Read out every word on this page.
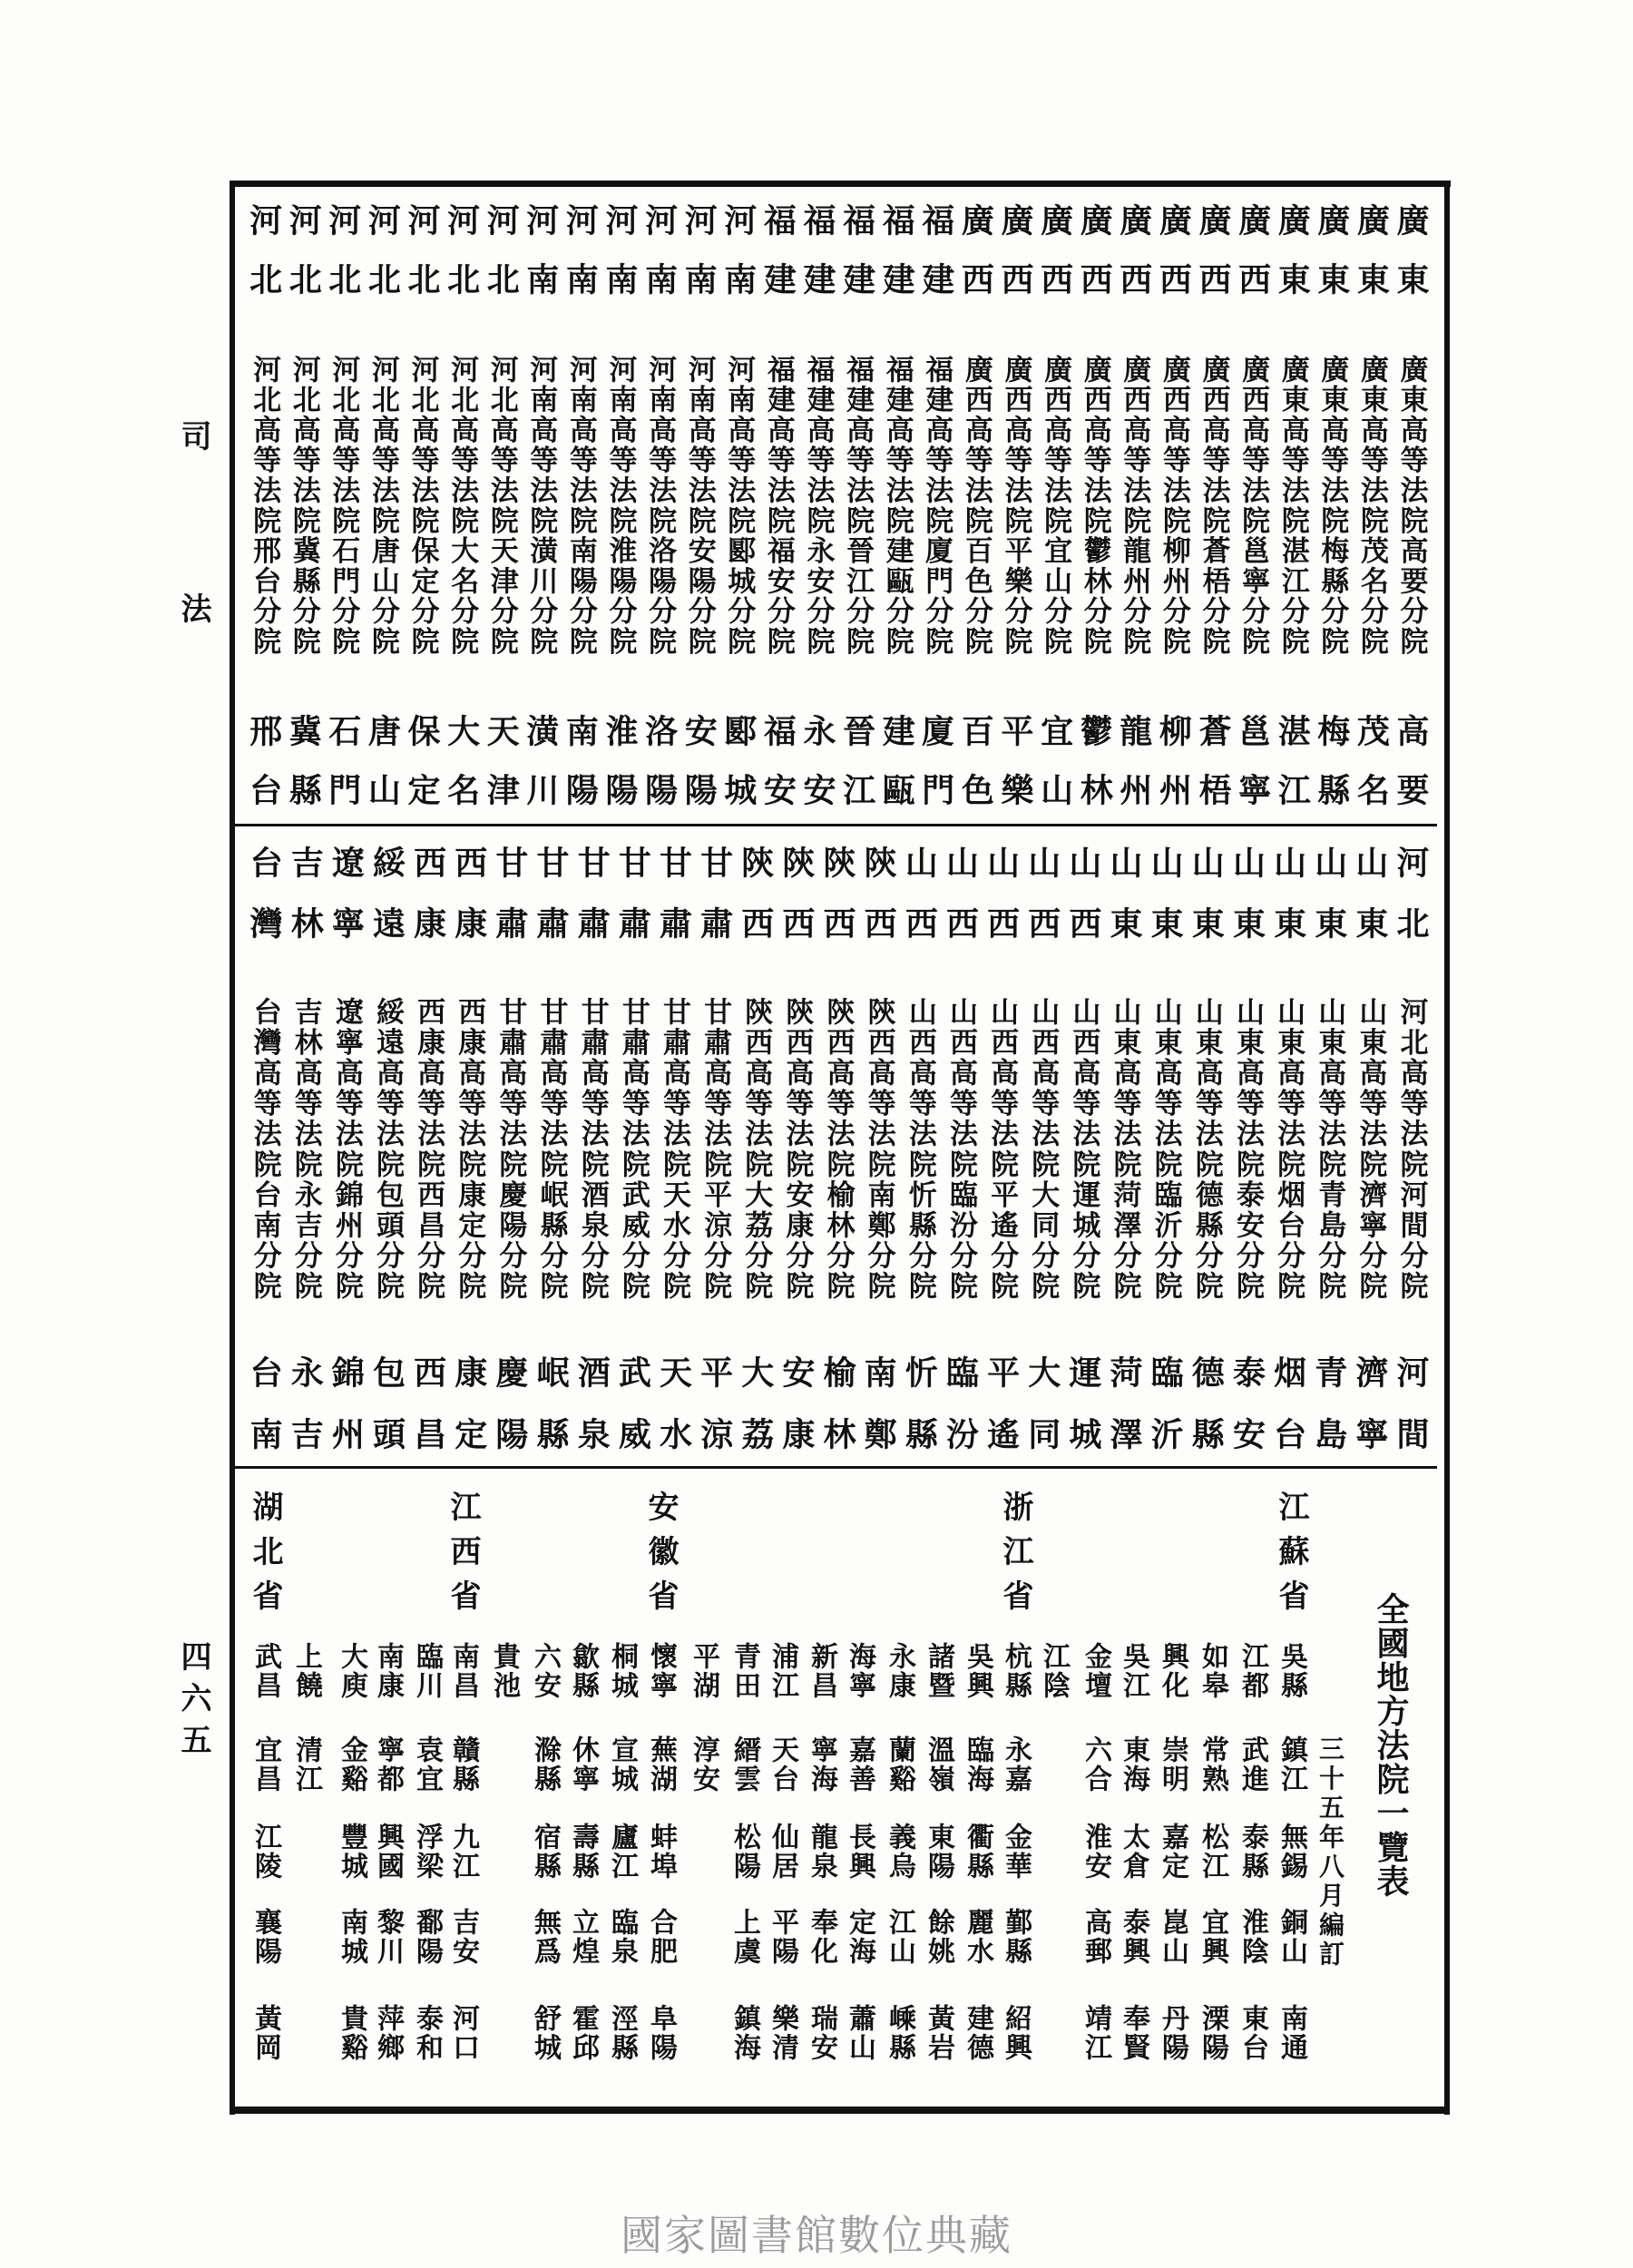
司
法
四六五
廣東
廣東高等法院高要分院
高要
廣東
廣東高等法院茂名分院
茂名
廣東
廣東高等法院梅縣分院
梅縣
廣東
廣東高等法院湛江分院
湛江
廣西
廣西高等法院邕寧分院
邕寧
廣西
廣西高等法院蒼梧分院
蒼梧
廣西
廣西高等法院柳州分院
柳州
廣西
廣西高等法院龍州分院
龍州
廣西
廣西高等法院鬱林分院
鬱林
廣西
廣西高等法院宜山分院
宜山
廣西
廣西高等法院平樂分院
平樂
廣西
廣西高等法院百色分院
百色
福建
福建高等法院廈門分院
廈門
福建
福建高等法院建甌分院
建甌
福建
福建高等法院晉江分院
晉江
福建
福建高等法院永安分院
永安
福建
福建高等法院福安分院
福安
河南
河南高等法院郾城分院
郾城
河南
河南高等法院安陽分院
安陽
河南
河南高等法院洛陽分院
洛陽
河南
河南高等法院淮陽分院
淮陽
河南
河南高等法院南陽分院
南陽
河南
河南高等法院潢川分院
潢川
河北
河北高等法院天津分院
天津
河北
河北高等法院大名分院
大名
河北
河北高等法院保定分院
保定
河北
河北高等法院唐山分院
唐山
河北
河北高等法院石門分院
石門
河北
河北高等法院冀縣分院
冀縣
河北
河北高等法院邢台分院
邢台
河北
河北高等法院河間分院
河間
山東
山東高等法院濟寧分院
濟寧
山東
山東高等法院青島分院
青島
山東
山東高等法院烟台分院
烟台
山東
山東高等法院泰安分院
泰安
山東
山東高等法院德縣分院
德縣
山東
山東高等法院臨沂分院
臨沂
山東
山東高等法院菏澤分院
菏澤
山西
山西高等法院運城分院
運城
山西
山西高等法院大同分院
大同
山西
山西高等法院平遙分院
平遙
山西
山西高等法院臨汾分院
臨汾
山西
山西高等法院忻縣分院
忻縣
陝西
陝西高等法院南鄭分院
南鄭
陝西
陝西高等法院榆林分院
榆林
陝西
陝西高等法院安康分院
安康
陝西
陝西高等法院大荔分院
大荔
甘肅
甘肅高等法院平涼分院
平涼
甘肅
甘肅高等法院天水分院
天水
甘肅
甘肅高等法院武威分院
武威
甘肅
甘肅高等法院酒泉分院
酒泉
甘肅
甘肅高等法院岷縣分院
岷縣
甘肅
甘肅高等法院慶陽分院
慶陽
西康
西康高等法院康定分院
康定
西康
西康高等法院西昌分院
西昌
綏遠
綏遠高等法院包頭分院
包頭
遼寧
遼寧高等法院錦州分院
錦州
吉林
吉林高等法院永吉分院
永吉
台灣
台灣高等法院台南分院
台南
全國地方法院一覽表
三十五年八月編訂
江蘇省
吳縣
鎮江
無錫
銅山
南通
江都
武進
泰縣
淮陰
東台
如皋
常熟
松江
宜興
溧陽
興化
崇明
嘉定
崑山
丹陽
吳江
東海
太倉
泰興
奉賢
金壇
六合
淮安
高郵
靖江
江陰
浙江省
杭縣
永嘉
金華
鄞縣
紹興
吳興
臨海
衢縣
麗水
建德
諸暨
溫嶺
東陽
餘姚
黃岩
永康
蘭谿
義烏
江山
嵊縣
海寧
嘉善
長興
定海
蕭山
新昌
寧海
龍泉
奉化
瑞安
浦江
天台
仙居
平陽
樂清
青田
縉雲
松陽
上虞
鎮海
平湖
淳安
安徽省
懷寧
蕪湖
蚌埠
合肥
阜陽
桐城
宣城
廬江
臨泉
涇縣
歙縣
休寧
壽縣
立煌
霍邱
六安
滁縣
宿縣
無爲
舒城
貴池
江西省
南昌
贛縣
九江
吉安
河口
臨川
袁宜
浮梁
鄱陽
泰和
南康
寧都
興國
黎川
萍鄉
大庾
金谿
豐城
南城
貴谿
上饒
清江
湖北省
武昌
宜昌
江陵
襄陽
黃岡
國家圖書館數位典藏
